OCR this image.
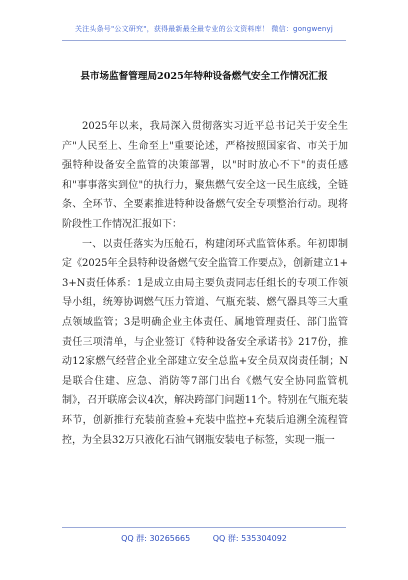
关注头条号"公文研究"，获得最新最全最专业的公文资料库！ 微信：gongwenyj
县市场监督管理局2025年特种设备燃气安全工作情况汇报

2025年以来，我局深入贯彻落实习近平总书记关于安全生产"人民至上、生命至上"重要论述，严格按照国家省、市关于加强特种设备安全监管的决策部署，以"时时放心不下"的责任感和"事事落实到位"的执行力，聚焦燃气安全这一民生底线，全链条、全环节、全要素推进特种设备燃气安全专项整治行动。现将阶段性工作情况汇报如下：

一、以责任落实为压舱石，构建闭环式监管体系。年初即制定《2025年全县特种设备燃气安全监管工作要点》，创新建立1+3+N责任体系：1是成立由局主要负责同志任组长的专项工作领导小组，统筹协调燃气压力管道、气瓶充装、燃气器具等三大重点领域监管；3是明确企业主体责任、属地管理责任、部门监管责任三项清单，与企业签订《特种设备安全承诺书》217份，推动12家燃气经营企业全部建立安全总监+安全员双岗责任制；N是联合住建、应急、消防等7部门出台《燃气安全协同监管机制》，召开联席会议4次，解决跨部门问题11个。特别在气瓶充装环节，创新推行充装前查验+充装中监控+充装后追溯全流程管控，为全县32万只液化石油气钢瓶安装电子标签，实现一瓶一

QQ 群: 30265665	QQ 群: 535304092
